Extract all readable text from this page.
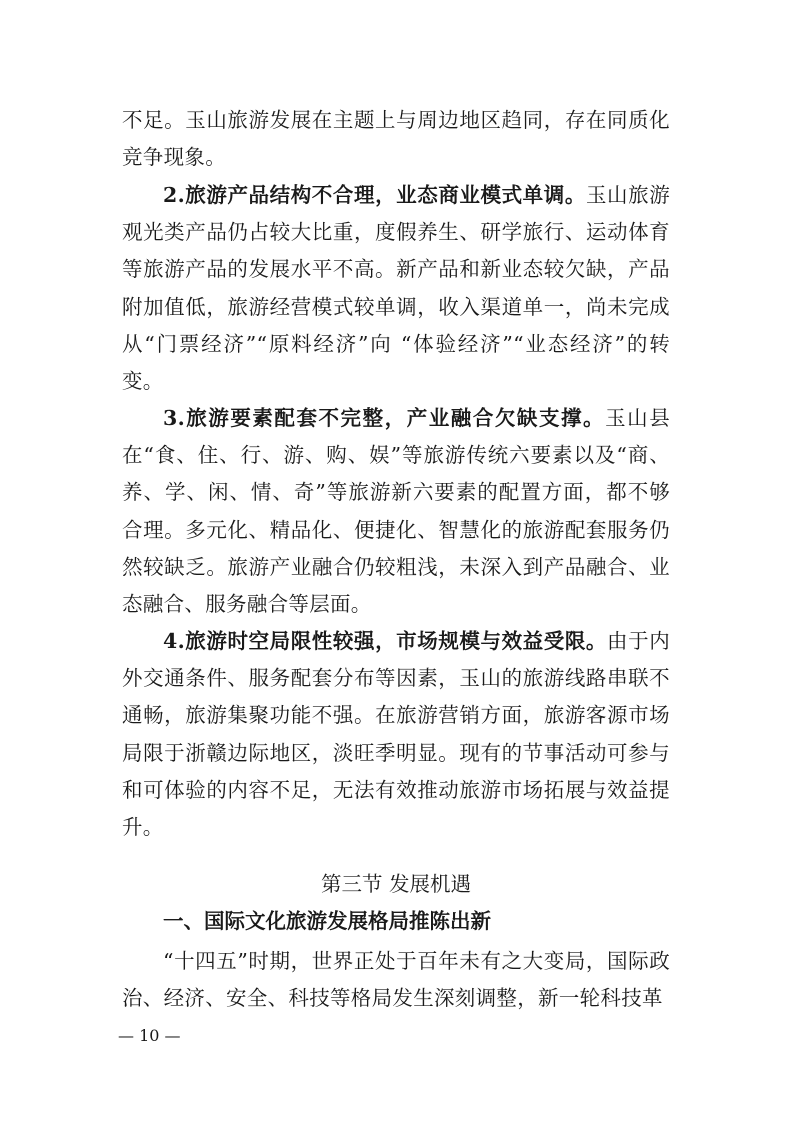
不足。玉山旅游发展在主题上与周边地区趋同，存在同质化竞争现象。

2.旅游产品结构不合理，业态商业模式单调。玉山旅游观光类产品仍占较大比重，度假养生、研学旅行、运动体育等旅游产品的发展水平不高。新产品和新业态较欠缺，产品附加值低，旅游经营模式较单调，收入渠道单一，尚未完成从“门票经济”“原料经济”向 “体验经济”“业态经济”的转变。

3.旅游要素配套不完整，产业融合欠缺支撑。玉山县在“食、住、行、游、购、娱”等旅游传统六要素以及“商、养、学、闲、情、奇”等旅游新六要素的配置方面，都不够合理。多元化、精品化、便捷化、智慧化的旅游配套服务仍然较缺乏。旅游产业融合仍较粗浅，未深入到产品融合、业态融合、服务融合等层面。

4.旅游时空局限性较强，市场规模与效益受限。由于内外交通条件、服务配套分布等因素，玉山的旅游线路串联不通畅，旅游集聚功能不强。在旅游营销方面，旅游客源市场局限于浙赣边际地区，淡旺季明显。现有的节事活动可参与和可体验的内容不足，无法有效推动旅游市场拓展与效益提升。

第三节 发展机遇

一、国际文化旅游发展格局推陈出新

“十四五”时期，世界正处于百年未有之大变局，国际政治、经济、安全、科技等格局发生深刻调整，新一轮科技革

— 10 —
